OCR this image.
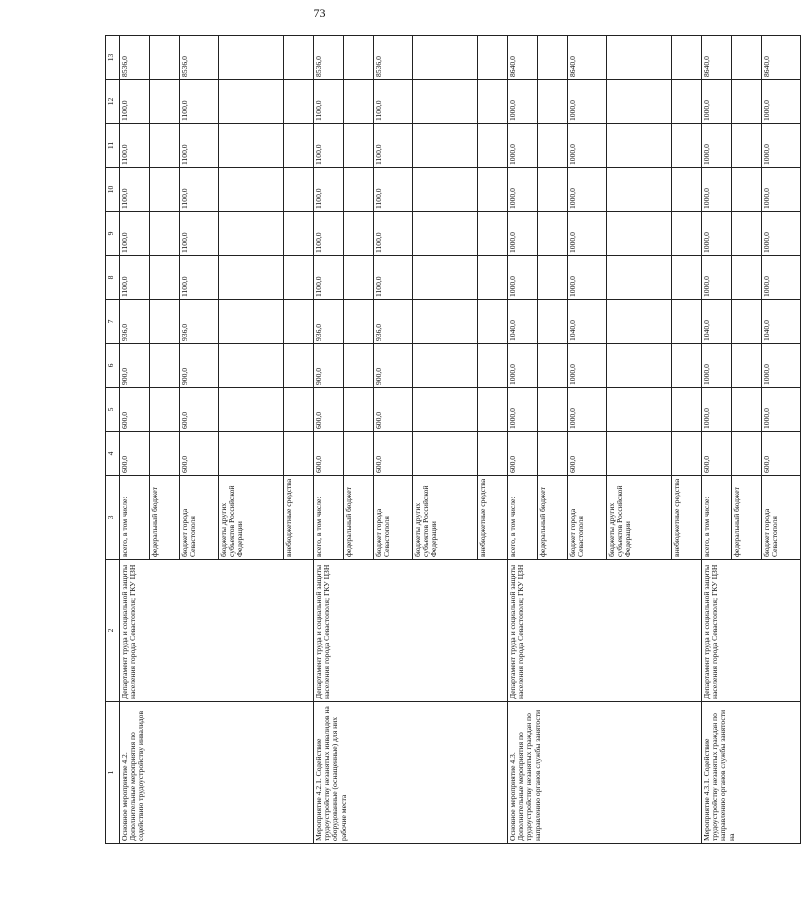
73
1	2	3	4	5	6	7	8	9	10	11	12	13
Основное мероприятие 4.2. Дополнительные мероприятия по содействию трудоустройству инвалидов	Департамент труда и социальной защиты населения города Севастополя; ГКУ ЦЗН	всего, в том числе:	600,0	600,0	900,0	936,0	1100,0	1100,0	1100,0	1100,0	1100,0	8536,0
		федеральный бюджет										
		бюджет города Севастополя	600,0	600,0	900,0	936,0	1100,0	1100,0	1100,0	1100,0	1100,0	8536,0
		бюджеты других субъектов Российской Федерации										
		внебюджетные средства										
Мероприятие 4.2.1. Содействие трудоустройству незанятых инвалидов на оборудованные (оснащенные) для них рабочие места	Департамент труда и социальной защиты населения города Севастополя; ГКУ ЦЗН	всего, в том числе:	600,0	600,0	900,0	936,0	1100,0	1100,0	1100,0	1100,0	1100,0	8536,0
		федеральный бюджет										
		бюджет города Севастополя	600,0	600,0	900,0	936,0	1100,0	1100,0	1100,0	1100,0	1100,0	8536,0
		бюджеты других субъектов Российской Федерации										
		внебюджетные средства										
Основное мероприятие 4.3. Дополнительные мероприятия по трудоустройству незанятых граждан по направлению органов службы занятости	Департамент труда и социальной защиты населения города Севастополя; ГКУ ЦЗН	всего, в том числе:	600,0	1000,0	1000,0	1040,0	1000,0	1000,0	1000,0	1000,0	1000,0	8640,0
		федеральный бюджет										
		бюджет города Севастополя	600,0	1000,0	1000,0	1040,0	1000,0	1000,0	1000,0	1000,0	1000,0	8640,0
		бюджеты других субъектов Российской Федерации										
		внебюджетные средства										
Мероприятие 4.3.1. Содействие трудоустройству незанятых граждан по направлению органов службы занятости на	Департамент труда и социальной защиты населения города Севастополя; ГКУ ЦЗН	всего, в том числе:	600,0	1000,0	1000,0	1040,0	1000,0	1000,0	1000,0	1000,0	1000,0	8640,0
		федеральный бюджет										
		бюджет города Севастополя	600,0	1000,0	1000,0	1040,0	1000,0	1000,0	1000,0	1000,0	1000,0	8640,0
